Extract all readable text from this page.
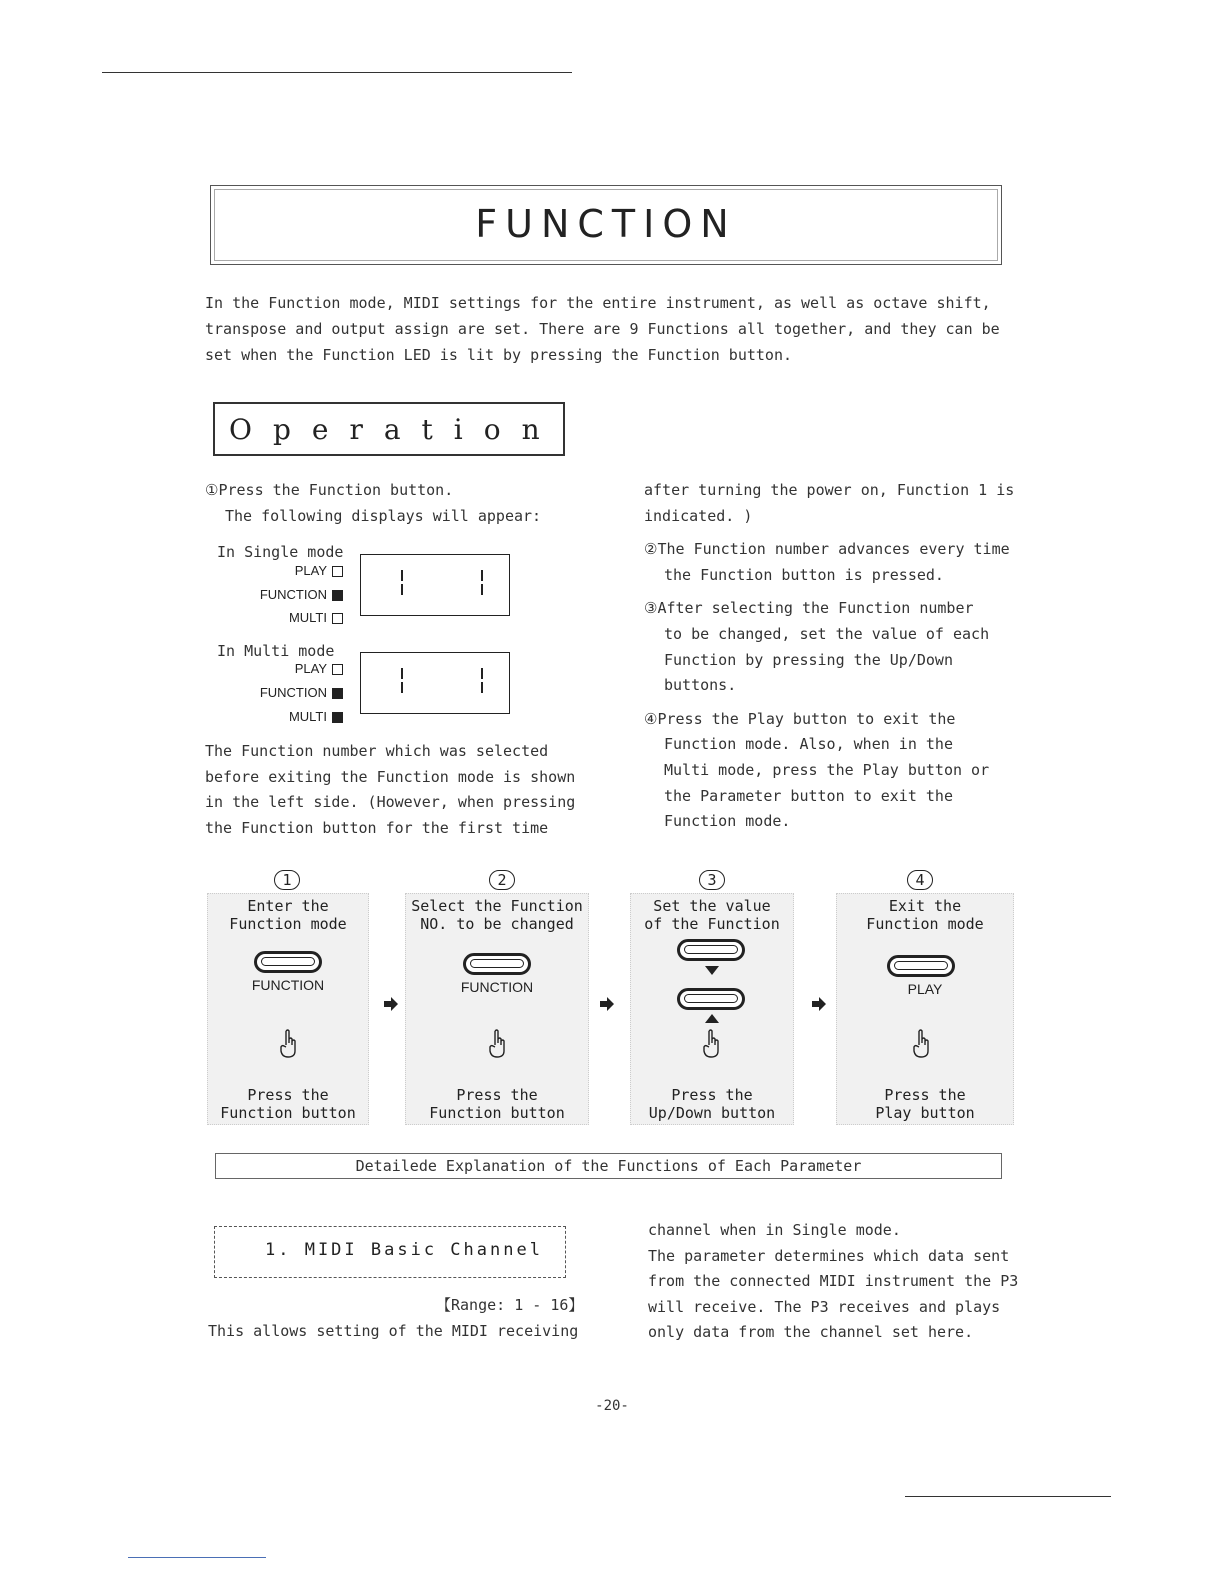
FUNCTION

In the Function mode, MIDI settings for the entire instrument, as well as octave shift,

transpose and output assign are set. There are 9 Functions all together, and they can be

set when the Function LED is lit by pressing the Function button.

Operation

①Press the Function button.

The following displays will appear:

In Single mode
PLAY
FUNCTION
MULTI
In Multi mode
PLAY
FUNCTION
MULTI

The Function number which was selected

before exiting the Function mode is shown

in the left side. (However, when pressing

the Function button for the first time

after turning the power on, Function 1 is

indicated. )

②The Function number advances every time

the Function button is pressed.

③After selecting the Function number

to be changed, set the value of each

Function by pressing the Up/Down

buttons.

④Press the Play button to exit the

Function mode. Also, when in the

Multi mode, press the Play button or

the Parameter button to exit the

Function mode.

1	2	3	4
Enter the
Function mode
FUNCTION
Press the
Function button
Select the Function
NO. to be changed
FUNCTION
Press the
Function button
Set the value
of the Function
Press the
Up/Down button
Exit the
Function mode
PLAY
Press the
Play button
Detailede Explanation of the Functions of Each Parameter
1. MIDI Basic Channel
【Range: 1 - 16】
This allows setting of the MIDI receiving

channel when in Single mode.

The parameter determines which data sent

from the connected MIDI instrument the P3

will receive. The P3 receives and plays

only data from the channel set here.

-20-
